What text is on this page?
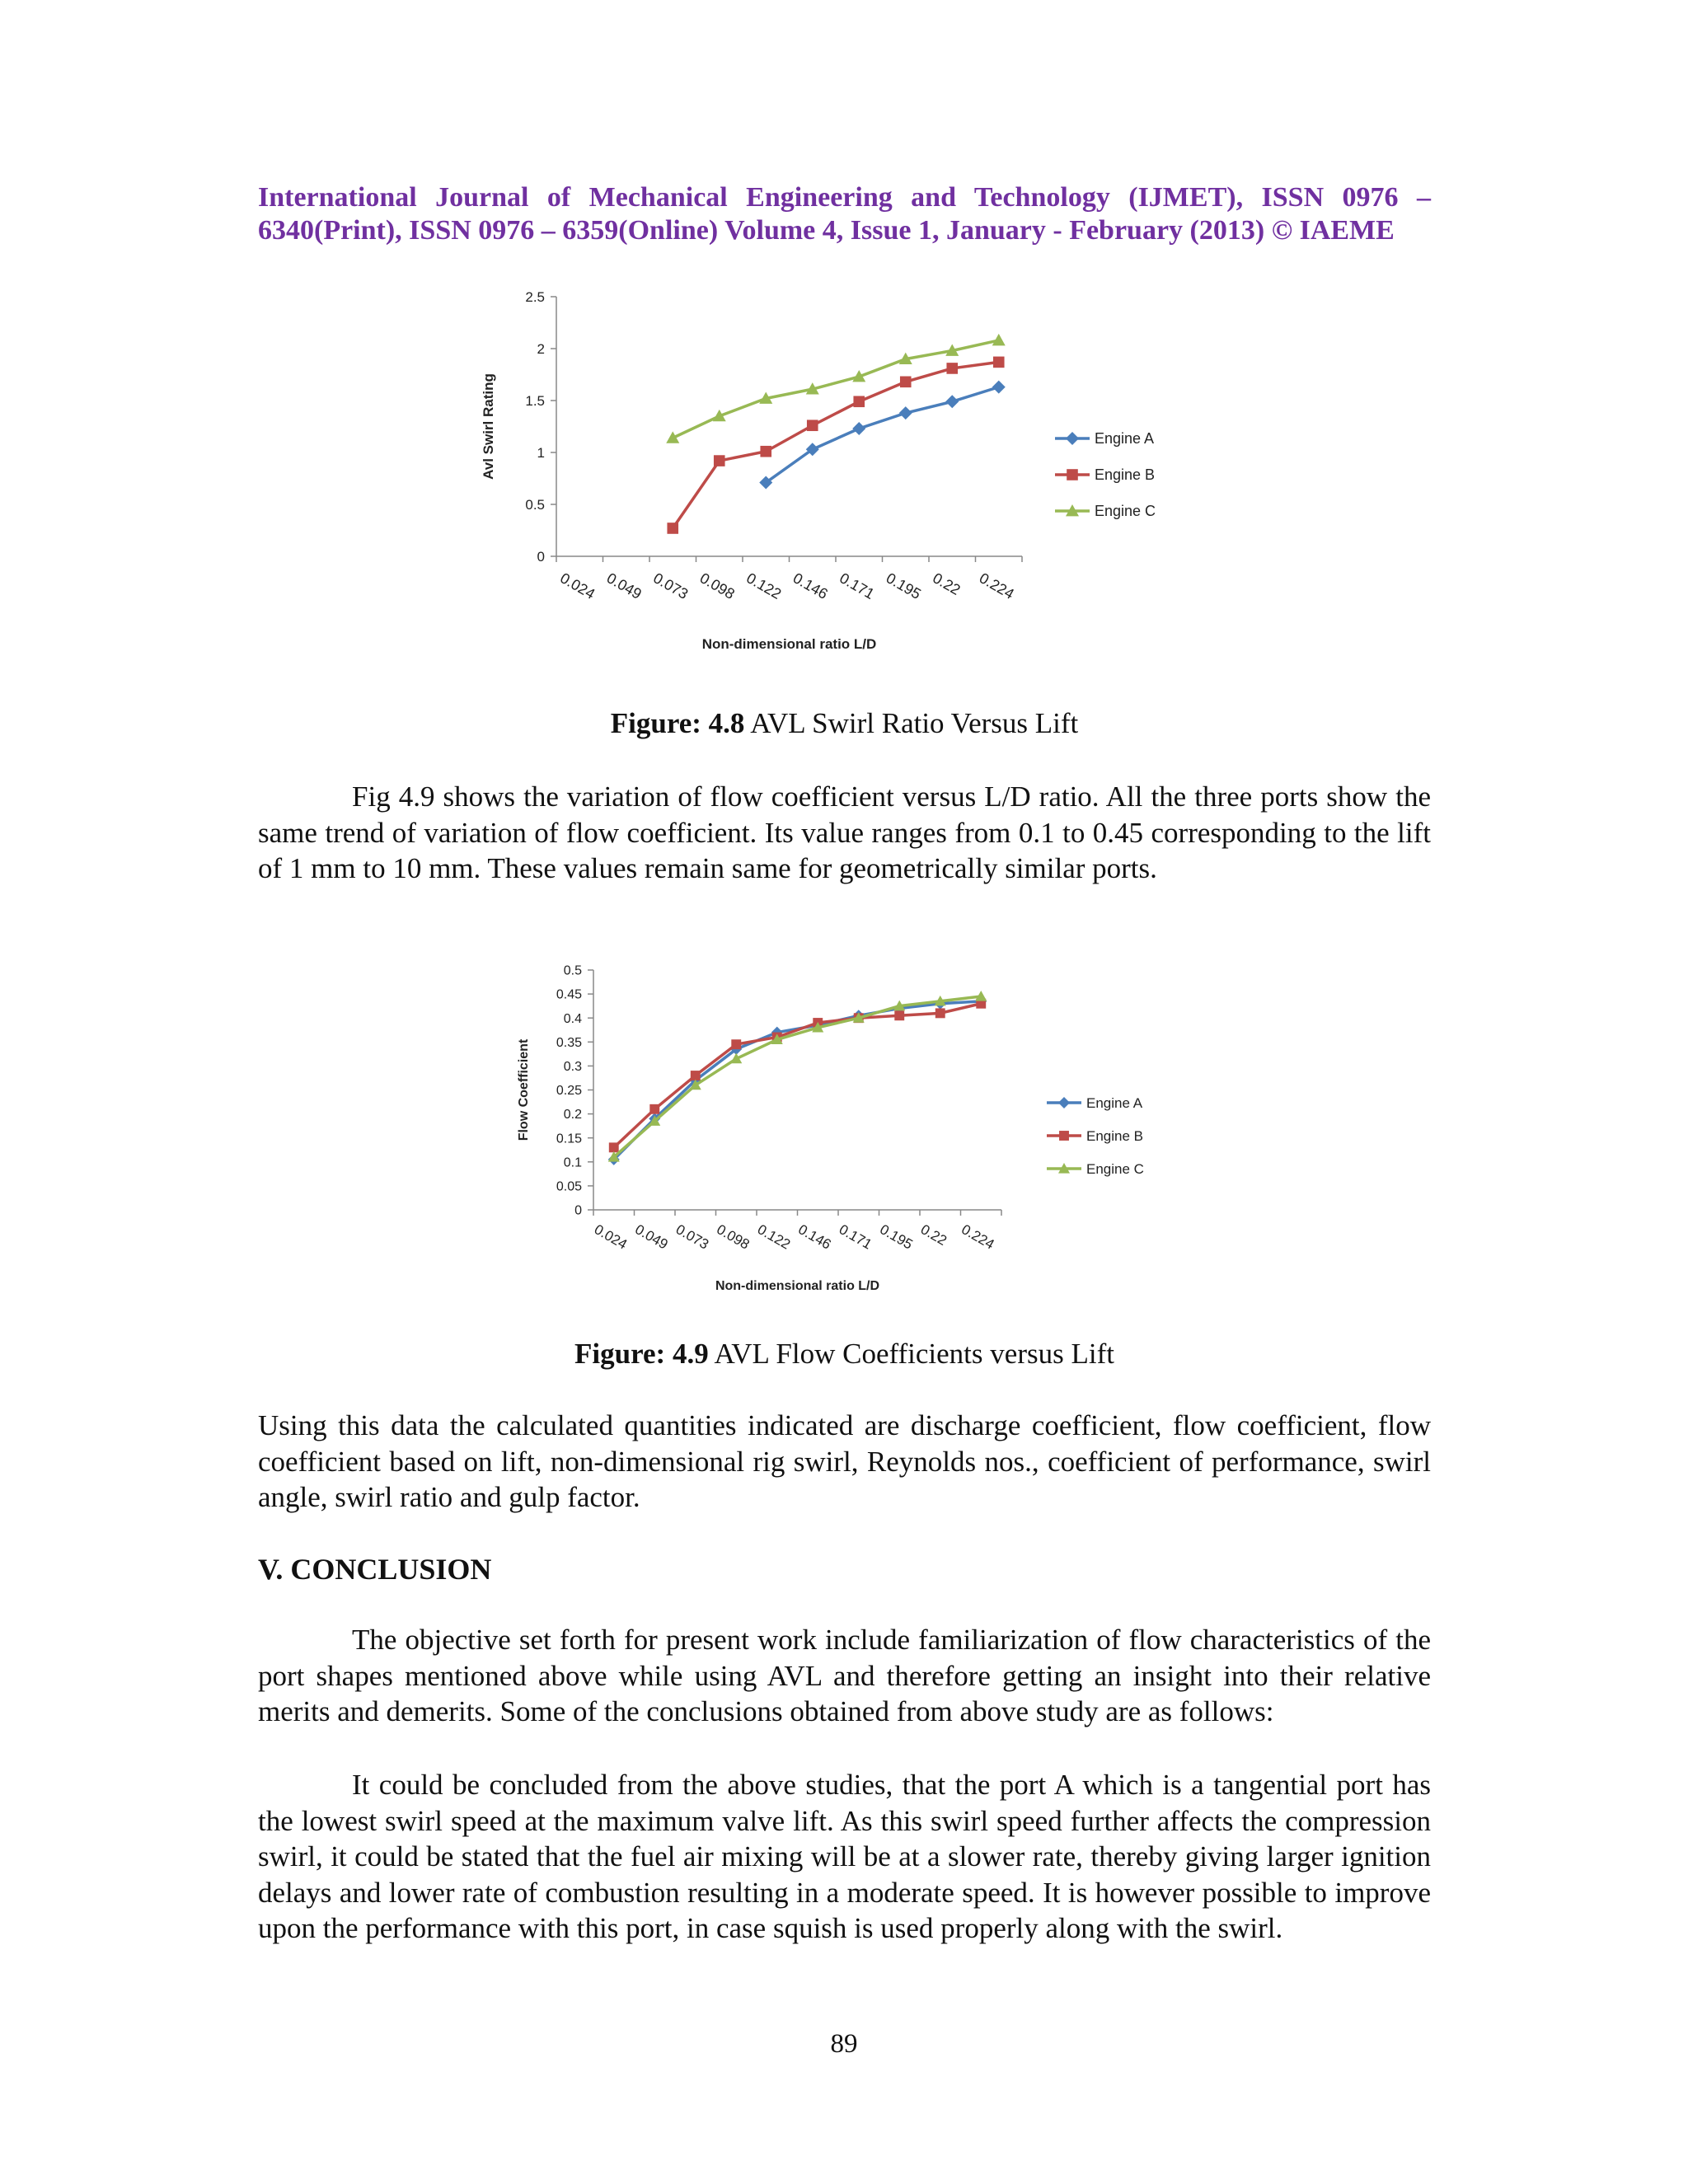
International Journal of Mechanical Engineering and Technology (IJMET), ISSN 0976 –
6340(Print), ISSN 0976 – 6359(Online) Volume 4, Issue 1, January - February (2013) © IAEME
0
0.5
1
1.5
2
2.5
0.024 0.049 0.073 0.098 0.122 0.146 0.171 0.195 0.22 0.224
Non-dimensional ratio L/D
Avl Swirl Rating	Engine A
Engine B
Engine C
Figure: 4.8 AVL Swirl Ratio Versus Lift

Fig 4.9 shows the variation of flow coefficient versus L/D ratio. All the three ports show the same trend of variation of flow coefficient. Its value ranges from 0.1 to 0.45 corresponding to the lift of 1 mm to 10 mm. These values remain same for geometrically similar ports.

0
0.05
0.1
0.15
0.2
0.25
0.3
0.35
0.4
0.45
0.5
0.024 0.049 0.073 0.098 0.122 0.146 0.171 0.195 0.22 0.224
Non-dimensional ratio L/D
Flow Coefficient	Engine A
Engine B
Engine C
Figure: 4.9 AVL Flow Coefficients versus Lift

Using this data the calculated quantities indicated are discharge coefficient, flow coefficient, flow coefficient based on lift, non-dimensional rig swirl, Reynolds nos., coefficient of performance, swirl angle, swirl ratio and gulp factor.

V. CONCLUSION

The objective set forth for present work include familiarization of flow characteristics of the port shapes mentioned above while using AVL and therefore getting an insight into their relative merits and demerits. Some of the conclusions obtained from above study are as follows:

It could be concluded from the above studies, that the port A which is a tangential port has the lowest swirl speed at the maximum valve lift. As this swirl speed further affects the compression swirl, it could be stated that the fuel air mixing will be at a slower rate, thereby giving larger ignition delays and lower rate of combustion resulting in a moderate speed. It is however possible to improve upon the performance with this port, in case squish is used properly along with the swirl.

89
